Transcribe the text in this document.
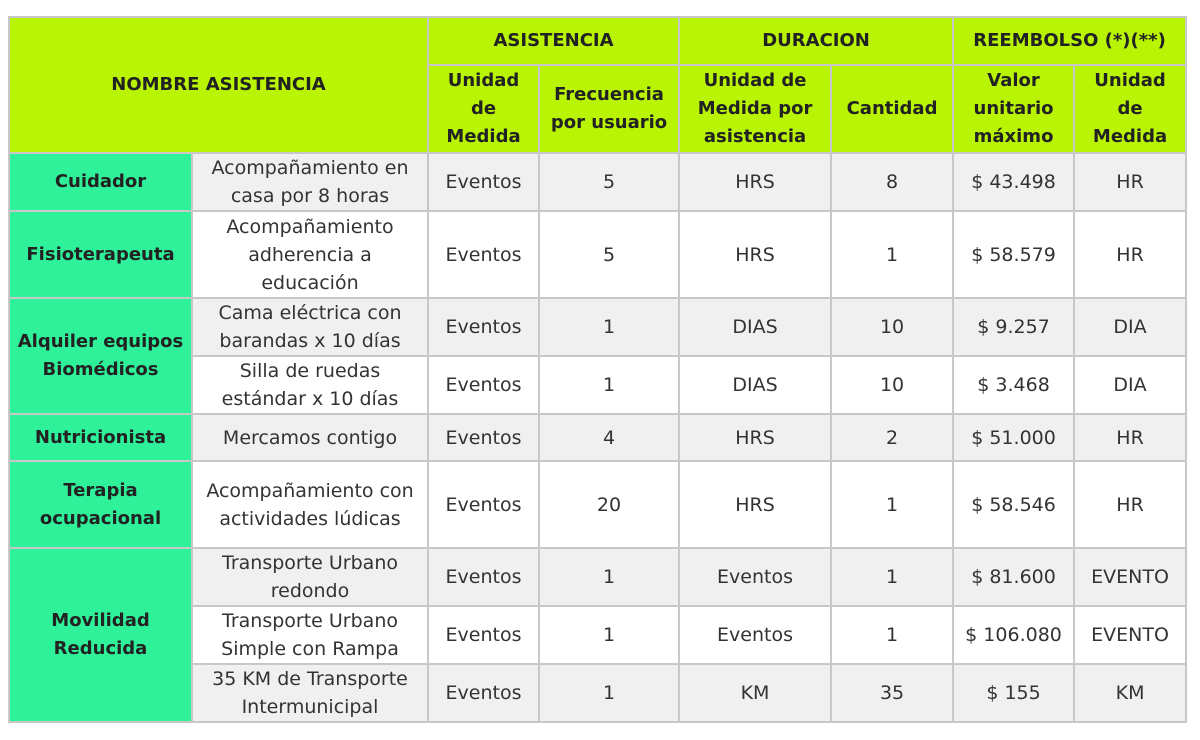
NOMBRE ASISTENCIA		ASISTENCIA		DURACION		REEMBOLSO (*)(**)	
		Unidad de Medida	Frecuencia por usuario	Unidad de Medida por asistencia	Cantidad	Valor unitario máximo	Unidad de Medida
Cuidador	Acompañamiento en casa por 8 horas	Eventos	5	HRS	8	$ 43.498	HR
Fisioterapeuta	Acompañamiento adherencia a educación	Eventos	5	HRS	1	$ 58.579	HR
Alquiler equipos Biomédicos	Cama eléctrica con barandas x 10 días	Eventos	1	DIAS	10	$ 9.257	DIA
	Silla de ruedas estándar x 10 días	Eventos	1	DIAS	10	$ 3.468	DIA
Nutricionista	Mercamos contigo	Eventos	4	HRS	2	$ 51.000	HR
Terapia ocupacional	Acompañamiento con actividades lúdicas	Eventos	20	HRS	1	$ 58.546	HR
Movilidad Reducida	Transporte Urbano redondo	Eventos	1	Eventos	1	$ 81.600	EVENTO
	Transporte Urbano Simple con Rampa	Eventos	1	Eventos	1	$ 106.080	EVENTO
	35 KM de Transporte Intermunicipal	Eventos	1	KM	35	$ 155	KM
